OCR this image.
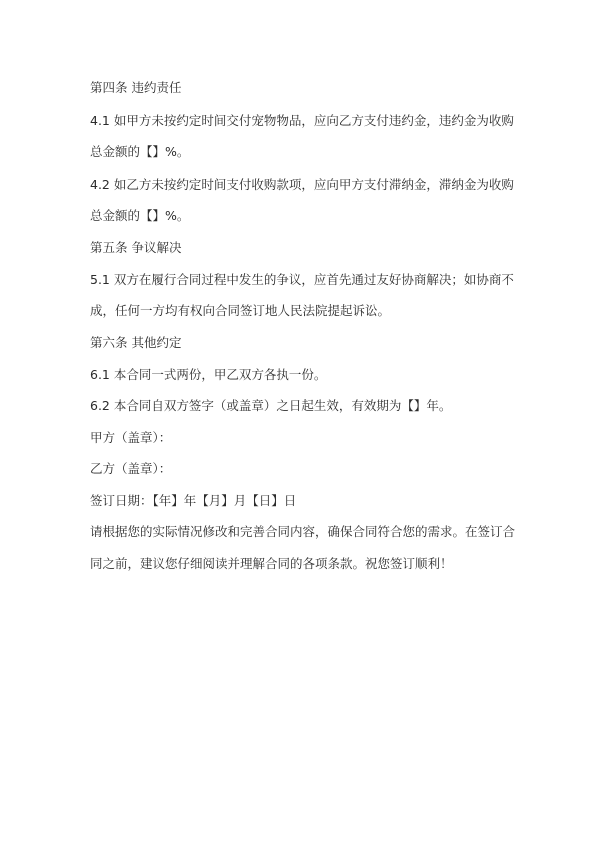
第四条 违约责任
4.1 如甲方未按约定时间交付宠物物品，应向乙方支付违约金，违约金为收购
总金额的【】%。
4.2 如乙方未按约定时间支付收购款项，应向甲方支付滞纳金，滞纳金为收购
总金额的【】%。
第五条 争议解决
5.1 双方在履行合同过程中发生的争议，应首先通过友好协商解决；如协商不
成，任何一方均有权向合同签订地人民法院提起诉讼。
第六条 其他约定
6.1 本合同一式两份，甲乙双方各执一份。
6.2 本合同自双方签字（或盖章）之日起生效，有效期为【】年。
甲方（盖章）：
乙方（盖章）：
签订日期：【年】年【月】月【日】日
请根据您的实际情况修改和完善合同内容，确保合同符合您的需求。在签订合
同之前，建议您仔细阅读并理解合同的各项条款。祝您签订顺利！
